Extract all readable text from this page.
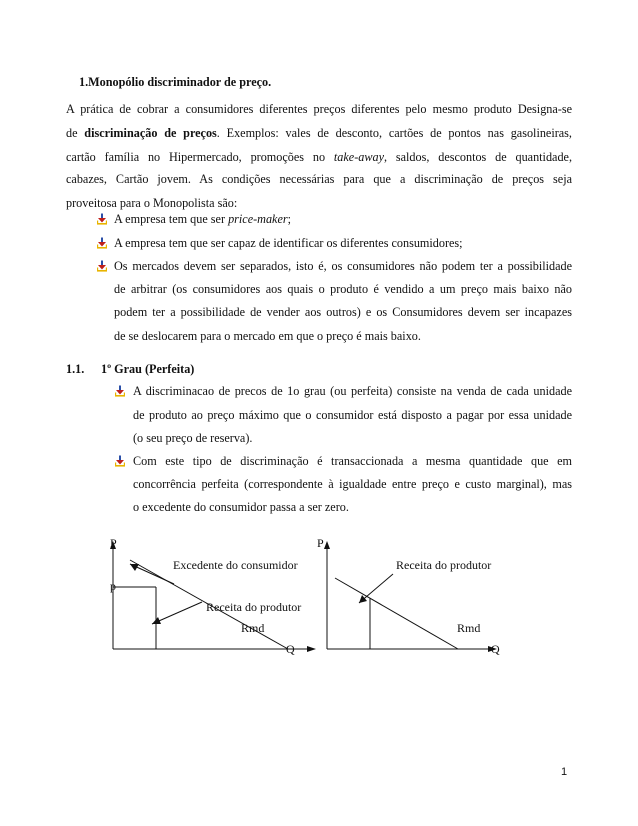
1.Monopólio discriminador de preço.
A prática de cobrar a consumidores diferentes preços diferentes pelo mesmo produto Designa-se
de discriminação de preços. Exemplos: vales de desconto, cartões de pontos nas gasolineiras,
cartão família no Hipermercado, promoções no take-away, saldos, descontos de quantidade,
cabazes, Cartão jovem. As condições necessárias para que a discriminação de preços seja
proveitosa para o Monopolista são:
A empresa tem que ser price-maker;
A empresa tem que ser capaz de identificar os diferentes consumidores;
Os mercados devem ser separados, isto é, os consumidores não podem ter a possibilidade
de arbitrar (os consumidores aos quais o produto é vendido a um preço mais baixo não
podem ter a possibilidade de vender aos outros) e os Consumidores devem ser incapazes
de se deslocarem para o mercado em que o preço é mais baixo.
1.1. 1º Grau (Perfeita)
A discriminacao de precos de 1o grau (ou perfeita) consiste na venda de cada unidade
de produto ao preço máximo que o consumidor está disposto a pagar por essa unidade
(o seu preço de reserva).
Com este tipo de discriminação é transaccionada a mesma quantidade que em
concorrência perfeita (correspondente à igualdade entre preço e custo marginal), mas
o excedente do consumidor passa a ser zero.
P
p
Excedente do consumidor
Receita do produtor
Rmd
Q
P
Receita do produtor
Rmd
Q
1
